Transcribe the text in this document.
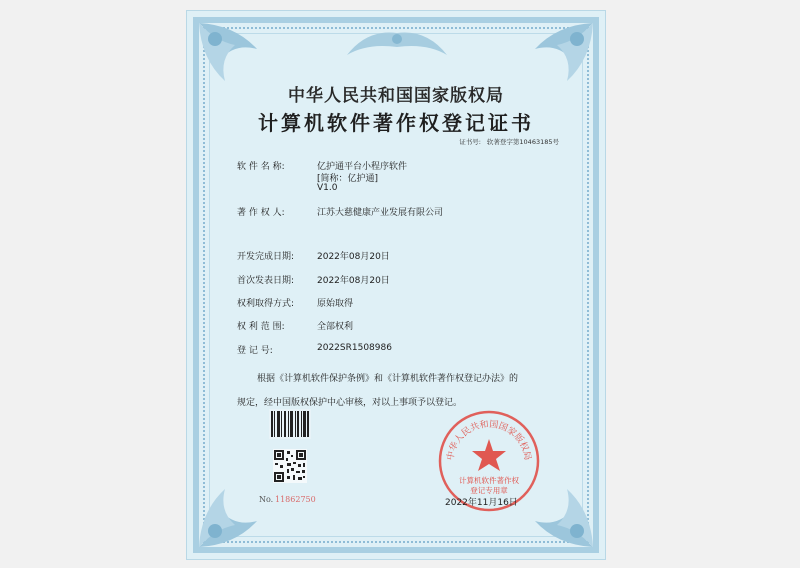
中华人民共和国国家版权局
计算机软件著作权登记证书
证书号: 软著登字第10463185号
软 件 名 称:	亿护通平台小程序软件
[简称：亿护通]
V1.0
著 作 权 人:	江苏大慈健康产业发展有限公司
开发完成日期:	2022年08月20日
首次发表日期:	2022年08月20日
权利取得方式:	原始取得
权 利 范 围:	全部权利
登 记 号:	2022SR1508986
根据《计算机软件保护条例》和《计算机软件著作权登记办法》的
规定，经中国版权保护中心审核，对以上事项予以登记。
No. 11862750
中华人民共和国国家版权局
计算机软件著作权
登记专用章
2022年11月16日
